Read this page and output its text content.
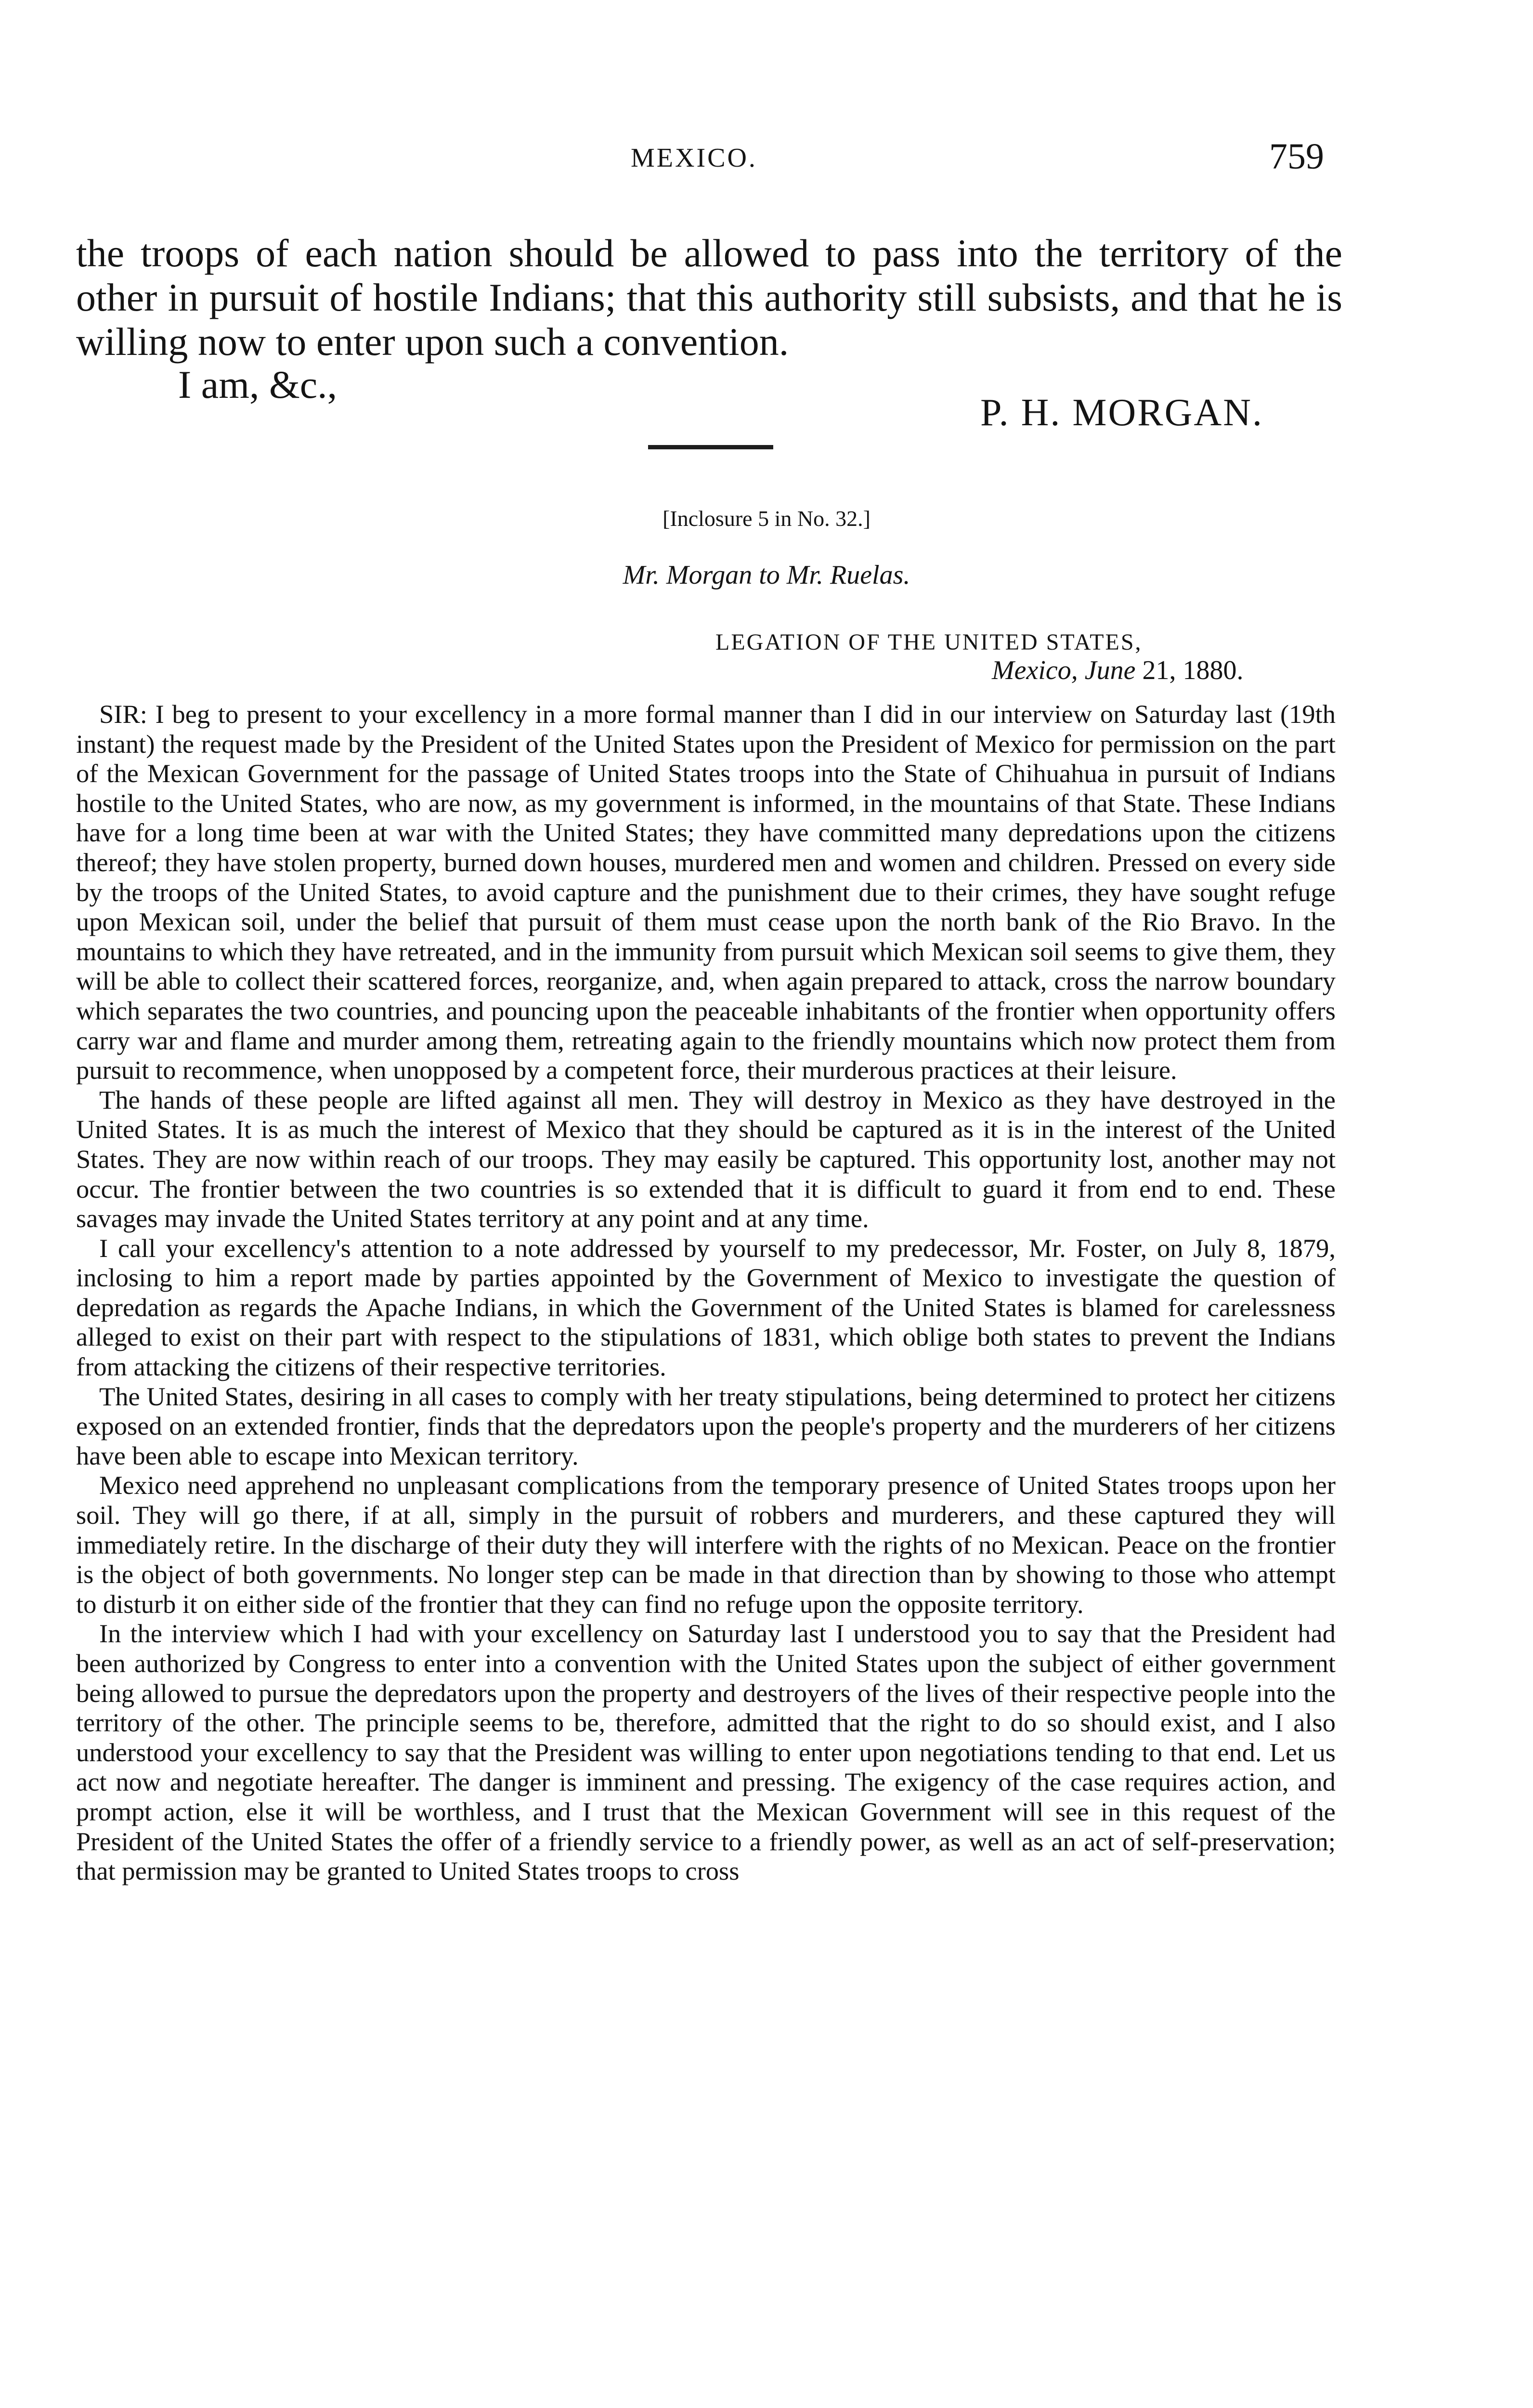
MEXICO.	759

the troops of each nation should be allowed to pass into the territory of the other in pursuit of hostile Indians; that this authority still subsists, and that he is willing now to enter upon such a convention.

I am, &c.,
P. H. MORGAN.
[Inclosure 5 in No. 32.]
Mr. Morgan to Mr. Ruelas.
LEGATION OF THE UNITED STATES,
Mexico, June 21, 1880.

SIR: I beg to present to your excellency in a more formal manner than I did in our interview on Saturday last (19th instant) the request made by the President of the United States upon the President of Mexico for permission on the part of the Mexican Government for the passage of United States troops into the State of Chihuahua in pursuit of Indians hostile to the United States, who are now, as my government is informed, in the mountains of that State. These Indians have for a long time been at war with the United States; they have committed many depredations upon the citizens thereof; they have stolen property, burned down houses, murdered men and women and children. Pressed on every side by the troops of the United States, to avoid capture and the punishment due to their crimes, they have sought refuge upon Mexican soil, under the belief that pursuit of them must cease upon the north bank of the Rio Bravo. In the mountains to which they have retreated, and in the immunity from pursuit which Mexican soil seems to give them, they will be able to collect their scattered forces, reorganize, and, when again prepared to attack, cross the narrow boundary which separates the two countries, and pouncing upon the peaceable inhabitants of the frontier when opportunity offers carry war and flame and murder among them, retreating again to the friendly mountains which now protect them from pursuit to recommence, when unopposed by a competent force, their murderous practices at their leisure.

The hands of these people are lifted against all men. They will destroy in Mexico as they have destroyed in the United States. It is as much the interest of Mexico that they should be captured as it is in the interest of the United States. They are now within reach of our troops. They may easily be captured. This opportunity lost, another may not occur. The frontier between the two countries is so extended that it is difficult to guard it from end to end. These savages may invade the United States territory at any point and at any time.

I call your excellency's attention to a note addressed by yourself to my predecessor, Mr. Foster, on July 8, 1879, inclosing to him a report made by parties appointed by the Government of Mexico to investigate the question of depredation as regards the Apache Indians, in which the Government of the United States is blamed for carelessness alleged to exist on their part with respect to the stipulations of 1831, which oblige both states to prevent the Indians from attacking the citizens of their respective territories.

The United States, desiring in all cases to comply with her treaty stipulations, being determined to protect her citizens exposed on an extended frontier, finds that the depredators upon the people's property and the murderers of her citizens have been able to escape into Mexican territory.

Mexico need apprehend no unpleasant complications from the temporary presence of United States troops upon her soil. They will go there, if at all, simply in the pursuit of robbers and murderers, and these captured they will immediately retire. In the discharge of their duty they will interfere with the rights of no Mexican. Peace on the frontier is the object of both governments. No longer step can be made in that direction than by showing to those who attempt to disturb it on either side of the frontier that they can find no refuge upon the opposite territory.

In the interview which I had with your excellency on Saturday last I understood you to say that the President had been authorized by Congress to enter into a convention with the United States upon the subject of either government being allowed to pursue the depredators upon the property and destroyers of the lives of their respective people into the territory of the other. The principle seems to be, therefore, admitted that the right to do so should exist, and I also understood your excellency to say that the President was willing to enter upon negotiations tending to that end. Let us act now and negotiate hereafter. The danger is imminent and pressing. The exigency of the case requires action, and prompt action, else it will be worthless, and I trust that the Mexican Government will see in this request of the President of the United States the offer of a friendly service to a friendly power, as well as an act of self-preservation; that permission may be granted to United States troops to cross
